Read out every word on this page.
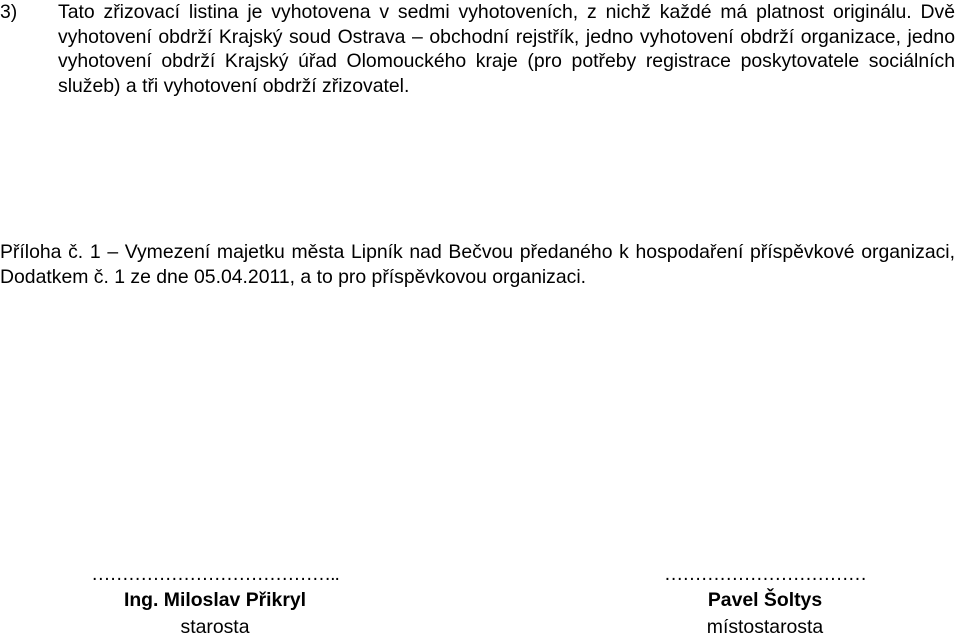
3) Tato zřizovací listina je vyhotovena v sedmi vyhotoveních, z nichž každé má platnost originálu. Dvě vyhotovení obdrží Krajský soud Ostrava – obchodní rejstřík, jedno vyhotovení obdrží organizace, jedno vyhotovení obdrží Krajský úřad Olomouckého kraje (pro potřeby registrace poskytovatele sociálních služeb) a tři vyhotovení obdrží zřizovatel.

Příloha č. 1 – Vymezení majetku města Lipník nad Bečvou předaného k hospodaření příspěvkové organizaci, Dodatkem č. 1 ze dne 05.04.2011, a to pro příspěvkovou organizaci.

…………………………………..
Ing. Miloslav Přikryl
starosta
……………………………
Pavel Šoltys
místostarosta
